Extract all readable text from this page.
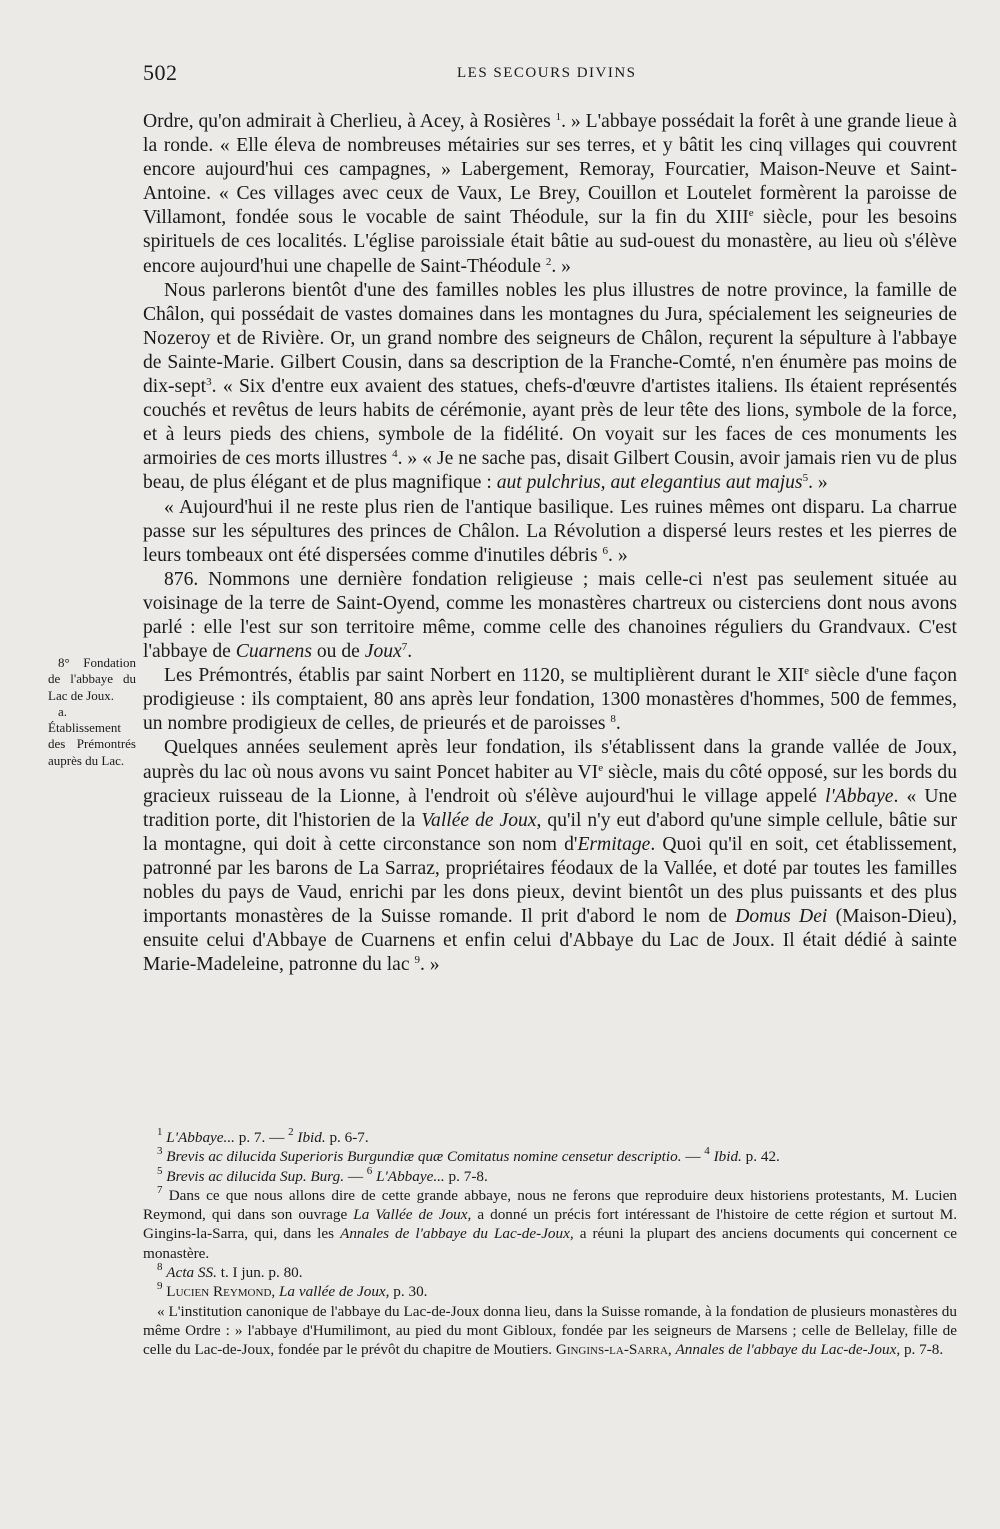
502	LES SECOURS DIVINS

Ordre, qu'on admirait à Cherlieu, à Acey, à Rosières $^1$. » L'abbaye possédait la forêt à une grande lieue à la ronde. « Elle éleva de nombreuses métairies sur ses terres, et y bâtit les cinq villages qui couvrent encore aujourd'hui ces campagnes, » Labergement, Remoray, Fourcatier, Maison-Neuve et Saint-Antoine. « Ces villages avec ceux de Vaux, Le Brey, Couillon et Loutelet formèrent la paroisse de Villamont, fondée sous le vocable de saint Théodule, sur la fin du XIIIe siècle, pour les besoins spirituels de ces localités. L'église paroissiale était bâtie au sud-ouest du monastère, au lieu où s'élève encore aujourd'hui une chapelle de Saint-Théodule $^2$. »

Nous parlerons bientôt d'une des familles nobles les plus illustres de notre province, la famille de Châlon, qui possédait de vastes domaines dans les montagnes du Jura, spécialement les seigneuries de Nozeroy et de Rivière. Or, un grand nombre des seigneurs de Châlon, reçurent la sépulture à l'abbaye de Sainte-Marie. Gilbert Cousin, dans sa description de la Franche-Comté, n'en énumère pas moins de dix-sept$^3$. « Six d'entre eux avaient des statues, chefs-d'œuvre d'artistes italiens. Ils étaient représentés couchés et revêtus de leurs habits de cérémonie, ayant près de leur tête des lions, symbole de la force, et à leurs pieds des chiens, symbole de la fidélité. On voyait sur les faces de ces monuments les armoiries de ces morts illustres $^4$. » « Je ne sache pas, disait Gilbert Cousin, avoir jamais rien vu de plus beau, de plus élégant et de plus magnifique : aut pulchrius, aut elegantius aut majus$^5$. »

« Aujourd'hui il ne reste plus rien de l'antique basilique. Les ruines mêmes ont disparu. La charrue passe sur les sépultures des princes de Châlon. La Révolution a dispersé leurs restes et les pierres de leurs tombeaux ont été dispersées comme d'inutiles débris $^6$. »

876. Nommons une dernière fondation religieuse ; mais celle-ci n'est pas seulement située au voisinage de la terre de Saint-Oyend, comme les monastères chartreux ou cisterciens dont nous avons parlé : elle l'est sur son territoire même, comme celle des chanoines réguliers du Grandvaux. C'est l'abbaye de Cuarnens ou de Joux$^7$.

Les Prémontrés, établis par saint Norbert en 1120, se multiplièrent durant le XIIe siècle d'une façon prodigieuse : ils comptaient, 80 ans après leur fondation, 1300 monastères d'hommes, 500 de femmes, un nombre prodigieux de celles, de prieurés et de paroisses $^8$.

Quelques années seulement après leur fondation, ils s'établissent dans la grande vallée de Joux, auprès du lac où nous avons vu saint Poncet habiter au VIe siècle, mais du côté opposé, sur les bords du gracieux ruisseau de la Lionne, à l'endroit où s'élève aujourd'hui le village appelé l'Abbaye. « Une tradition porte, dit l'historien de la Vallée de Joux, qu'il n'y eut d'abord qu'une simple cellule, bâtie sur la montagne, qui doit à cette circonstance son nom d'Ermitage. Quoi qu'il en soit, cet établissement, patronné par les barons de La Sarraz, propriétaires féodaux de la Vallée, et doté par toutes les familles nobles du pays de Vaud, enrichi par les dons pieux, devint bientôt un des plus puissants et des plus importants monastères de la Suisse romande. Il prit d'abord le nom de Domus Dei (Maison-Dieu), ensuite celui d'Abbaye de Cuarnens et enfin celui d'Abbaye du Lac de Joux. Il était dédié à sainte Marie-Madeleine, patronne du lac $^9$. »

8° Fondation de l'abbaye du Lac de Joux.

a. Établissement des Prémontrés auprès du Lac.

$^1$ L'Abbaye... p. 7. — $^2$ Ibid. p. 6-7.

$^3$ Brevis ac dilucida Superioris Burgundiæ quæ Comitatus nomine censetur descriptio. — $^4$ Ibid. p. 42.

$^5$ Brevis ac dilucida Sup. Burg. — $^6$ L'Abbaye... p. 7-8.

$^7$ Dans ce que nous allons dire de cette grande abbaye, nous ne ferons que reproduire deux historiens protestants, M. Lucien Reymond, qui dans son ouvrage La Vallée de Joux, a donné un précis fort intéressant de l'histoire de cette région et surtout M. Gingins-la-Sarra, qui, dans les Annales de l'abbaye du Lac-de-Joux, a réuni la plupart des anciens documents qui concernent ce monastère.

$^8$ Acta SS. t. I jun. p. 80.

$^9$ Lucien Reymond, La vallée de Joux, p. 30.

« L'institution canonique de l'abbaye du Lac-de-Joux donna lieu, dans la Suisse romande, à la fondation de plusieurs monastères du même Ordre : » l'abbaye d'Humilimont, au pied du mont Gibloux, fondée par les seigneurs de Marsens ; celle de Bellelay, fille de celle du Lac-de-Joux, fondée par le prévôt du chapitre de Moutiers. Gingins-la-Sarra, Annales de l'abbaye du Lac-de-Joux, p. 7-8.
